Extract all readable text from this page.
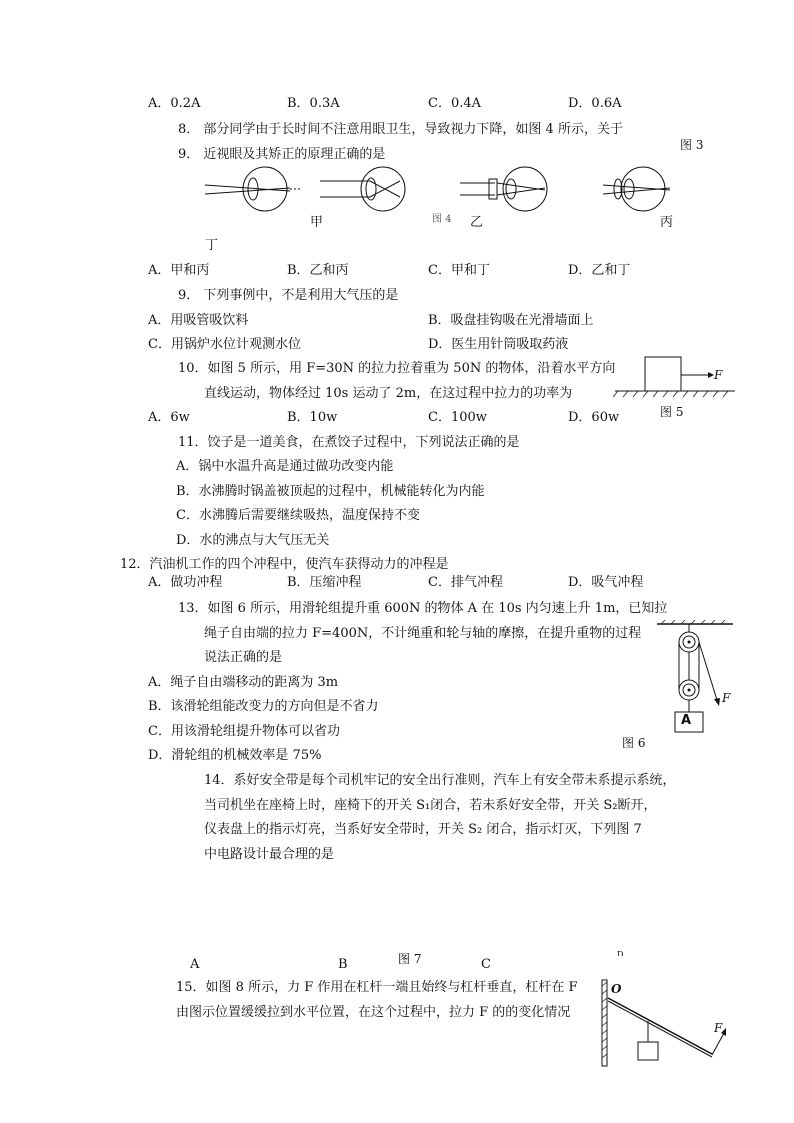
A．0.2A	B．0.3A	C．0.4A	D．0.6A
8． 部分同学由于长时间不注意用眼卫生，导致视力下降，如图 4 所示，关于
图 3
9． 近视眼及其矫正的原理正确的是
甲	图 4 乙	丙
丁
A．甲和丙	B．乙和丙	C．甲和丁	D．乙和丁
9． 下列事例中，不是利用大气压的是
A．用吸管吸饮料	B．吸盘挂钩吸在光滑墙面上
C．用锅炉水位计观测水位	D．医生用针筒吸取药液
10．如图 5 所示，用 F=30N 的拉力拉着重为 50N 的物体，沿着水平方向
直线运动，物体经过 10s 运动了 2m，在这过程中拉力的功率为
A．6w	B．10w	C．100w	D．60w
F
图 5
11．饺子是一道美食，在煮饺子过程中，下列说法正确的是
A．锅中水温升高是通过做功改变内能
B．水沸腾时锅盖被顶起的过程中，机械能转化为内能
C．水沸腾后需要继续吸热，温度保持不变
D．水的沸点与大气压无关
12．汽油机工作的四个冲程中，使汽车获得动力的冲程是
A．做功冲程	B．压缩冲程	C．排气冲程	D．吸气冲程
13．如图 6 所示，用滑轮组提升重 600N 的物体 A 在 10s 内匀速上升 1m，已知拉
绳子自由端的拉力 F=400N，不计绳重和轮与轴的摩擦，在提升重物的过程
说法正确的是
A．绳子自由端移动的距离为 3m
B．该滑轮组能改变力的方向但是不省力
C．用该滑轮组提升物体可以省功
D．滑轮组的机械效率是 75%
A
F
图 6
14．系好安全带是每个司机牢记的安全出行准则，汽车上有安全带未系提示系统，
当司机坐在座椅上时，座椅下的开关 S₁闭合，若未系好安全带，开关 S₂断开，
仪表盘上的指示灯亮，当系好安全带时，开关 S₂ 闭合，指示灯灭，下列图 7
中电路设计最合理的是
A	B	图 7	C
D
15．如图 8 所示，力 F 作用在杠杆一端且始终与杠杆垂直，杠杆在 F
由图示位置缓缓拉到水平位置，在这个过程中，拉力 F 的的变化情况
O
F
